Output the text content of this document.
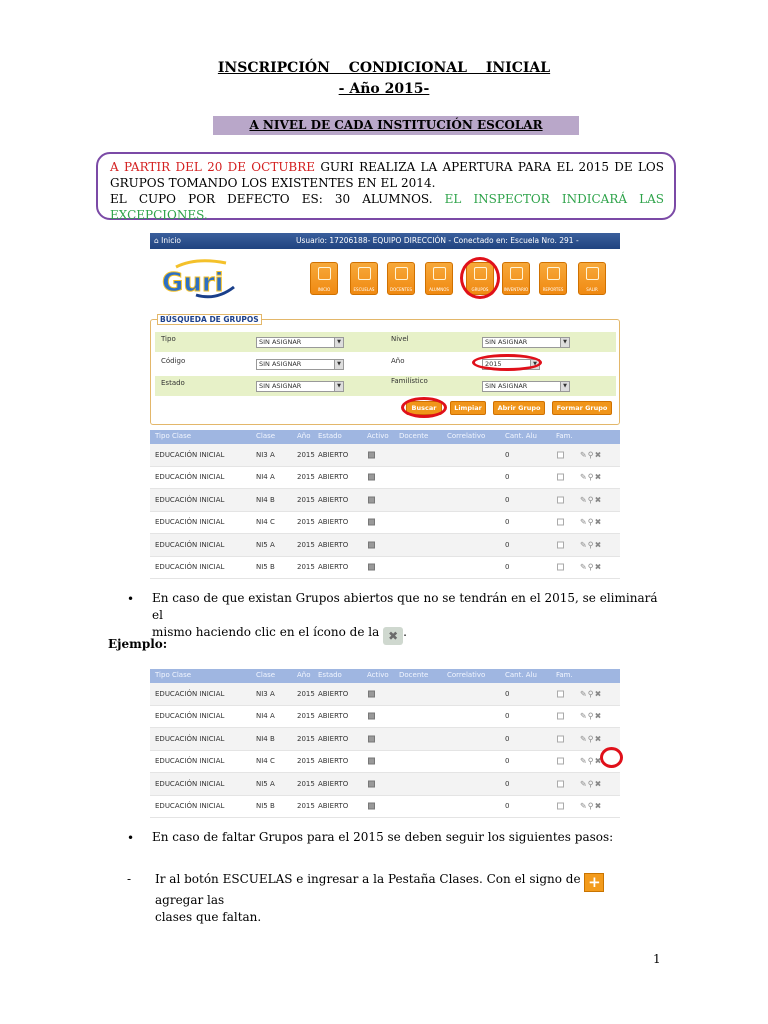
INSCRIPCIÓN CONDICIONAL INICIAL
- Año 2015-
A NIVEL DE CADA INSTITUCIÓN ESCOLAR
A PARTIR DEL 20 DE OCTUBRE GURI REALIZA LA APERTURA PARA EL 2015 DE LOS GRUPOS TOMANDO LOS EXISTENTES EN EL 2014.
EL CUPO POR DEFECTO ES: 30 ALUMNOS. EL INSPECTOR INDICARÁ LAS EXCEPCIONES.
⌂ Inicio	Usuario: 17206188- EQUIPO DIRECCIÓN - Conectado en: Escuela Nro. 291 - MONTEVIDEO
Guri	INICIO	ESCUELAS	DOCENTES	ALUMNOS	GRUPOS	INVENTARIO	REPORTES	SALIR
BÚSQUEDA DE GRUPOS
Tipo	SIN ASIGNAR	▼	Nivel	SIN ASIGNAR	▼
Código	SIN ASIGNAR	▼	Año	2015	▼
Estado	SIN ASIGNAR	▼
Familístico
SIN ASIGNAR	▼
Buscar	Limpiar	Abrir Grupo	Formar Grupo
Tipo Clase	Clase	Año Estado	Activo Docente	Correlativo	Cant. Alu	Fam.
EDUCACIÓN INICIAL	NI3 A	2015 ABIERTO	0	✎⚲✖
EDUCACIÓN INICIAL	NI4 A	2015 ABIERTO	0	✎⚲✖
EDUCACIÓN INICIAL	NI4 B	2015 ABIERTO	0	✎⚲✖
EDUCACIÓN INICIAL	NI4 C	2015 ABIERTO	0	✎⚲✖
EDUCACIÓN INICIAL	NI5 A	2015 ABIERTO	0	✎⚲✖
EDUCACIÓN INICIAL	NI5 B	2015 ABIERTO	0	✎⚲✖
• En caso de que existan Grupos abiertos que no se tendrán en el 2015, se eliminará el
mismo haciendo clic en el ícono de la ✖ .
Ejemplo:
Tipo Clase	Clase	Año Estado	Activo Docente	Correlativo	Cant. Alu	Fam.
EDUCACIÓN INICIAL	NI3 A	2015 ABIERTO	0	✎⚲✖
EDUCACIÓN INICIAL	NI4 A	2015 ABIERTO	0	✎⚲✖
EDUCACIÓN INICIAL	NI4 B	2015 ABIERTO	0	✎⚲✖
EDUCACIÓN INICIAL	NI4 C	2015 ABIERTO	0	✎⚲✖
EDUCACIÓN INICIAL	NI5 A	2015 ABIERTO	0	✎⚲✖
EDUCACIÓN INICIAL	NI5 B	2015 ABIERTO	0	✎⚲✖
• En caso de faltar Grupos para el 2015 se deben seguir los siguientes pasos:
- Ir al botón ESCUELAS e ingresar a la Pestaña Clases. Con el signo de + agregar las
clases que faltan.
1
